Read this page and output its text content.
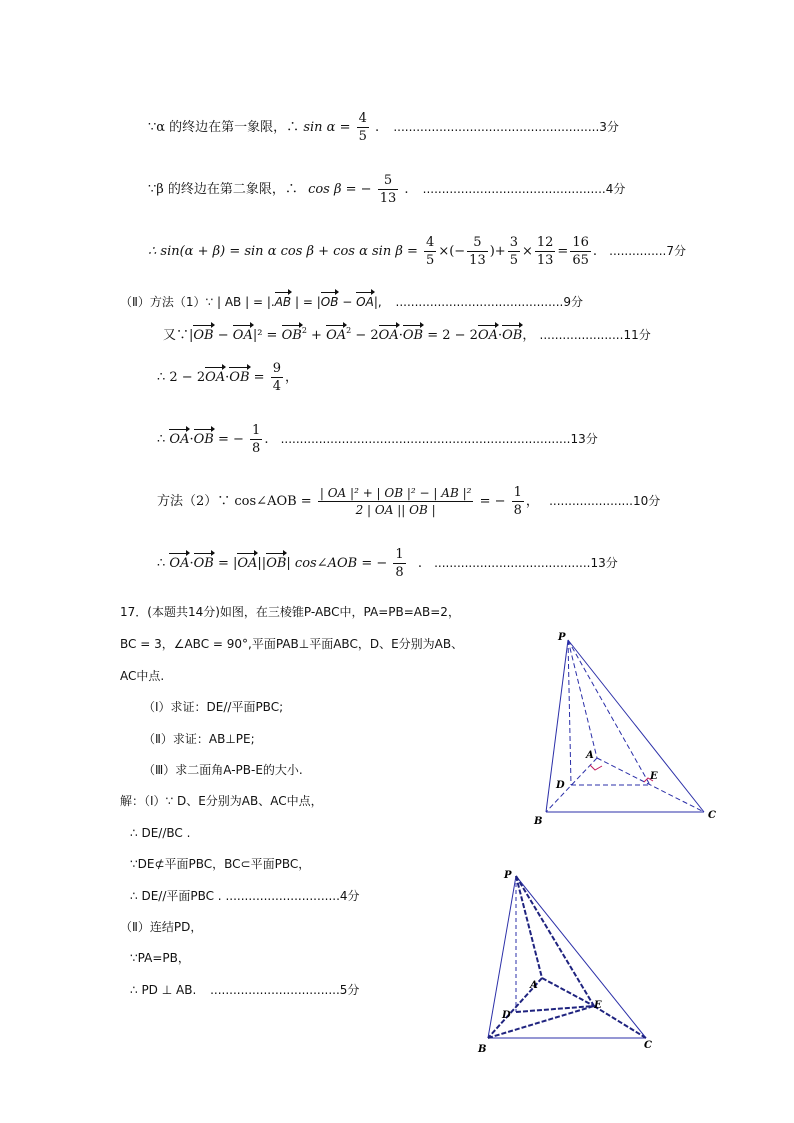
∵α 的终边在第一象限，∴ $\sin \alpha = \frac{4}{5}$ . ......................................................3分
∵β 的终边在第二象限，∴ cos β = − $\frac{5}{13}$ . ................................................4分
∴ sin(α + β) = sin α cos β + cos α $\sin \beta = \frac{4}{5}$ ×(− $\frac{5}{13}$ )+ $\frac{3}{5} \times \frac{12}{13} = \frac{16}{65}$ . ...............7分
（Ⅱ）方法（1）∵ | AB | = |.AB | = |OB − OA|, ............................................9分
又∵|OB − $OA|^2 = OB^2 + OA^2 - 2OA\cdot OB = 2 - 2OA\cdot OB$， ......................11分
∴ $2 - 2OA\cdot OB = \frac{9}{4}$ ，
∴ OA·OB = − $\frac{1}{8}$ . ............................................................................13分
方法（2）∵ cos∠AOB = $\frac{\text{| OA |² + | OB |² − | AB |²}}{2 | OA || OB |}$ = − $\frac{1}{8}$ ， ......................10分
∴ OA·OB = |OA||OB| cos∠AOB = − $\frac{1}{8}$ . .........................................13分
17．(本题共14分)如图，在三棱锥P-ABC中，PA=PB=AB=2，
BC = 3，∠ABC = 90°,平面PAB⊥平面ABC，D、E分别为AB、
AC中点.
（Ⅰ）求证：DE//平面PBC;
（Ⅱ）求证：AB⊥PE;
（Ⅲ）求二面角A-PB-E的大小.
解：（Ⅰ）∵ D、E分别为AB、AC中点，
∴ DE//BC .
∵DE⊄平面PBC，BC⊂平面PBC，
∴ DE//平面PBC . ..............................4分
（Ⅱ）连结PD，
∵PA=PB，
∴ PD ⊥ AB. ..................................5分
P
A
D
E
B
C
P
A
D
E
B	C
